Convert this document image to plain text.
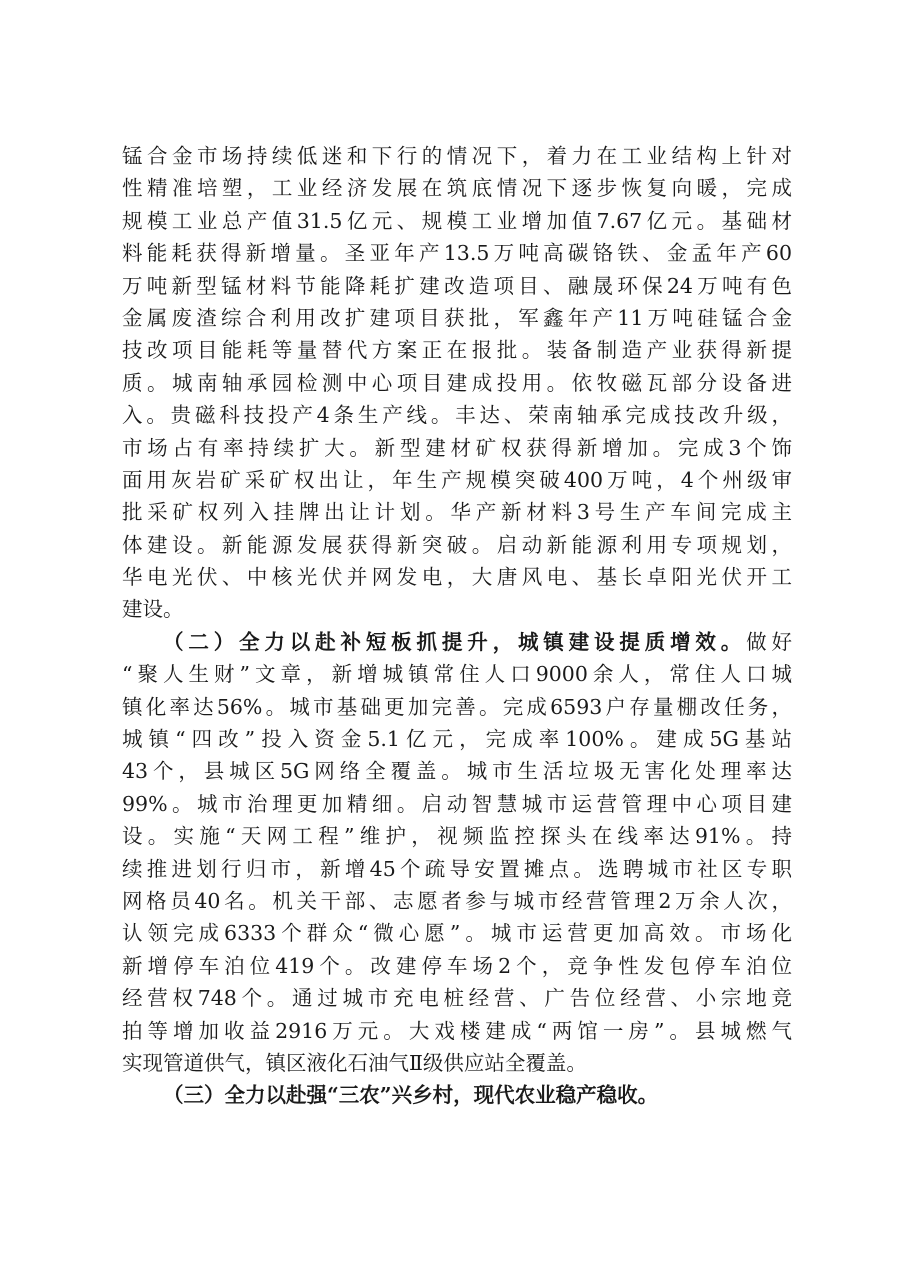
锰合金市场持续低迷和下行的情况下，着力在工业结构上针对
性精准培塑，工业经济发展在筑底情况下逐步恢复向暖，完成
规模工业总产值31.5亿元、规模工业增加值7.67亿元。基础材
料能耗获得新增量。圣亚年产13.5万吨高碳铬铁、金孟年产60
万吨新型锰材料节能降耗扩建改造项目、融晟环保24万吨有色
金属废渣综合利用改扩建项目获批，军鑫年产11万吨硅锰合金
技改项目能耗等量替代方案正在报批。装备制造产业获得新提
质。城南轴承园检测中心项目建成投用。依牧磁瓦部分设备进
入。贵磁科技投产4条生产线。丰达、荣南轴承完成技改升级，
市场占有率持续扩大。新型建材矿权获得新增加。完成3个饰
面用灰岩矿采矿权出让，年生产规模突破400万吨，4个州级审
批采矿权列入挂牌出让计划。华产新材料3号生产车间完成主
体建设。新能源发展获得新突破。启动新能源利用专项规划，
华电光伏、中核光伏并网发电，大唐风电、基长卓阳光伏开工
建设。
（二）全力以赴补短板抓提升，城镇建设提质增效。做好
“聚人生财”文章，新增城镇常住人口9000余人，常住人口城
镇化率达56%。城市基础更加完善。完成6593户存量棚改任务，
城镇“四改”投入资金5.1亿元，完成率100%。建成5G基站
43个，县城区5G网络全覆盖。城市生活垃圾无害化处理率达
99%。城市治理更加精细。启动智慧城市运营管理中心项目建
设。实施“天网工程”维护，视频监控探头在线率达91%。持
续推进划行归市，新增45个疏导安置摊点。选聘城市社区专职
网格员40名。机关干部、志愿者参与城市经营管理2万余人次，
认领完成6333个群众“微心愿”。城市运营更加高效。市场化
新增停车泊位419个。改建停车场2个，竞争性发包停车泊位
经营权748个。通过城市充电桩经营、广告位经营、小宗地竞
拍等增加收益2916万元。大戏楼建成“两馆一房”。县城燃气
实现管道供气，镇区液化石油气Ⅱ级供应站全覆盖。
（三）全力以赴强“三农”兴乡村，现代农业稳产稳收。
